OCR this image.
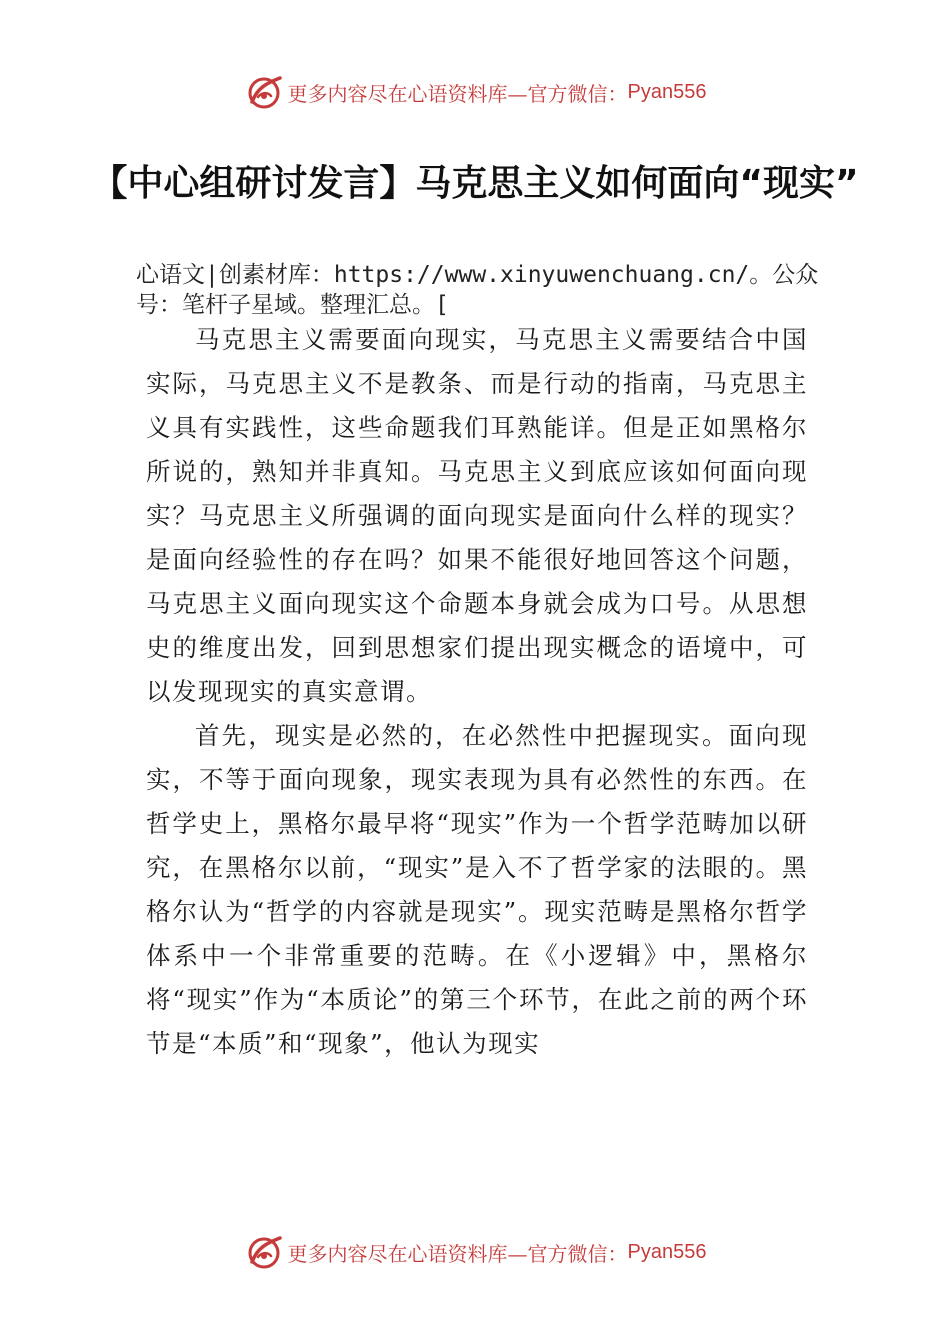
更多内容尽在心语资料库—官方微信： Pyan556
【中心组研讨发言】马克思主义如何面向“现实”
心语文|创素材库：https://www.xinyuwenchuang.cn/。公众号：笔杆子星域。整理汇总。[

马克思主义需要面向现实，马克思主义需要结合中国实际，马克思主义不是教条、而是行动的指南，马克思主义具有实践性，这些命题我们耳熟能详。但是正如黑格尔所说的，熟知并非真知。马克思主义到底应该如何面向现实？马克思主义所强调的面向现实是面向什么样的现实？是面向经验性的存在吗？如果不能很好地回答这个问题，马克思主义面向现实这个命题本身就会成为口号。从思想史的维度出发，回到思想家们提出现实概念的语境中，可以发现现实的真实意谓。

首先，现实是必然的，在必然性中把握现实。面向现实，不等于面向现象，现实表现为具有必然性的东西。在哲学史上，黑格尔最早将“现实”作为一个哲学范畴加以研究，在黑格尔以前，“现实”是入不了哲学家的法眼的。黑格尔认为“哲学的内容就是现实”。现实范畴是黑格尔哲学体系中一个非常重要的范畴。在《小逻辑》中，黑格尔将“现实”作为“本质论”的第三个环节，在此之前的两个环节是“本质”和“现象”，他认为现实

更多内容尽在心语资料库—官方微信： Pyan556
